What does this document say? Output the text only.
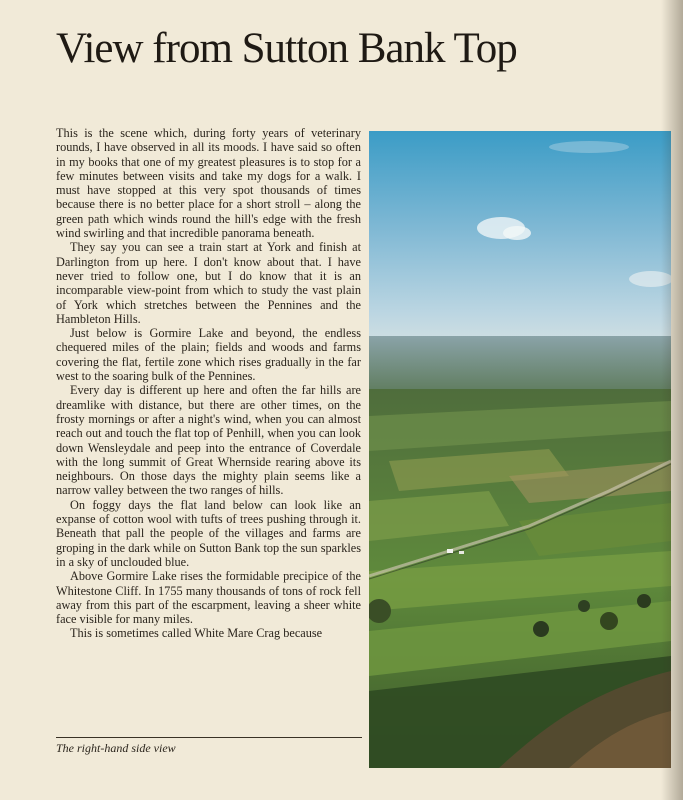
View from Sutton Bank Top

This is the scene which, during forty years of veterinary rounds, I have observed in all its moods. I have said so often in my books that one of my greatest pleasures is to stop for a few minutes between visits and take my dogs for a walk. I must have stopped at this very spot thousands of times because there is no better place for a short stroll – along the green path which winds round the hill's edge with the fresh wind swirling and that incredible panorama beneath.

They say you can see a train start at York and finish at Darlington from up here. I don't know about that. I have never tried to follow one, but I do know that it is an incomparable view-point from which to study the vast plain of York which stretches between the Pennines and the Hambleton Hills.

Just below is Gormire Lake and beyond, the endless chequered miles of the plain; fields and woods and farms covering the flat, fertile zone which rises gradually in the far west to the soaring bulk of the Pennines.

Every day is different up here and often the far hills are dreamlike with distance, but there are other times, on the frosty mornings or after a night's wind, when you can almost reach out and touch the flat top of Penhill, when you can look down Wensleydale and peep into the entrance of Coverdale with the long summit of Great Whernside rearing above its neighbours. On those days the mighty plain seems like a narrow valley between the two ranges of hills.

On foggy days the flat land below can look like an expanse of cotton wool with tufts of trees pushing through it. Beneath that pall the people of the villages and farms are groping in the dark while on Sutton Bank top the sun sparkles in a sky of unclouded blue.

Above Gormire Lake rises the formidable precipice of the Whitestone Cliff. In 1755 many thousands of tons of rock fell away from this part of the escarpment, leaving a sheer white face visible for many miles.

This is sometimes called White Mare Crag because

The right-hand side view
